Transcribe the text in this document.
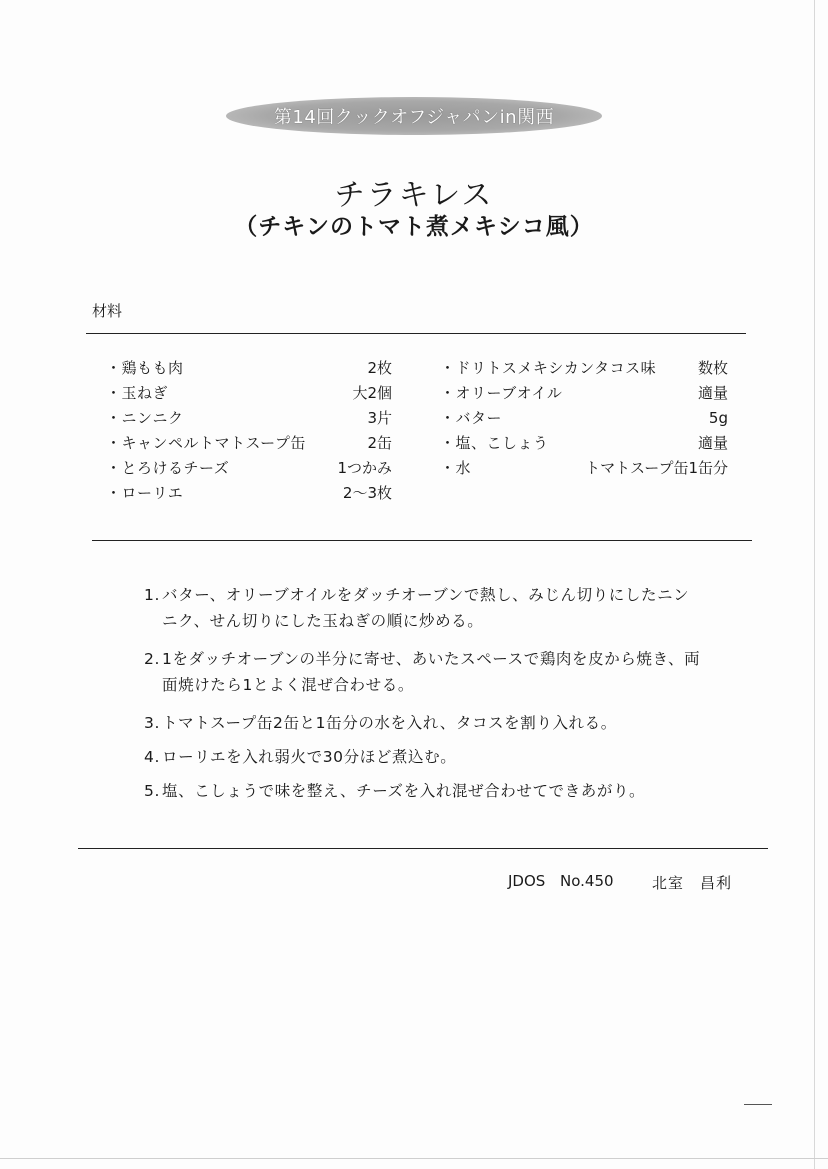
第14回クックオフジャパンin関西
チラキレス
（チキンのトマト煮メキシコ風）
材料
・鶏もも肉	2枚
・玉ねぎ	大2個
・ニンニク	3片
・キャンペルトマトスープ缶	2缶
・とろけるチーズ	1つかみ
・ローリエ	2～3枚
・ドリトスメキシカンタコス味	数枚
・オリーブオイル	適量
・バター	5g
・塩、こしょう	適量
・水	トマトスープ缶1缶分
1. バター、オリーブオイルをダッチオーブンで熱し、みじん切りにしたニンニク、せん切りにした玉ねぎの順に炒める。
2. 1をダッチオーブンの半分に寄せ、あいたスペースで鶏肉を皮から焼き、両面焼けたら1とよく混ぜ合わせる。
3. トマトスープ缶2缶と1缶分の水を入れ、タコスを割り入れる。
4. ローリエを入れ弱火で30分ほど煮込む。
5. 塩、こしょうで味を整え、チーズを入れ混ぜ合わせてできあがり。
JDOS No.450	北室　昌利
